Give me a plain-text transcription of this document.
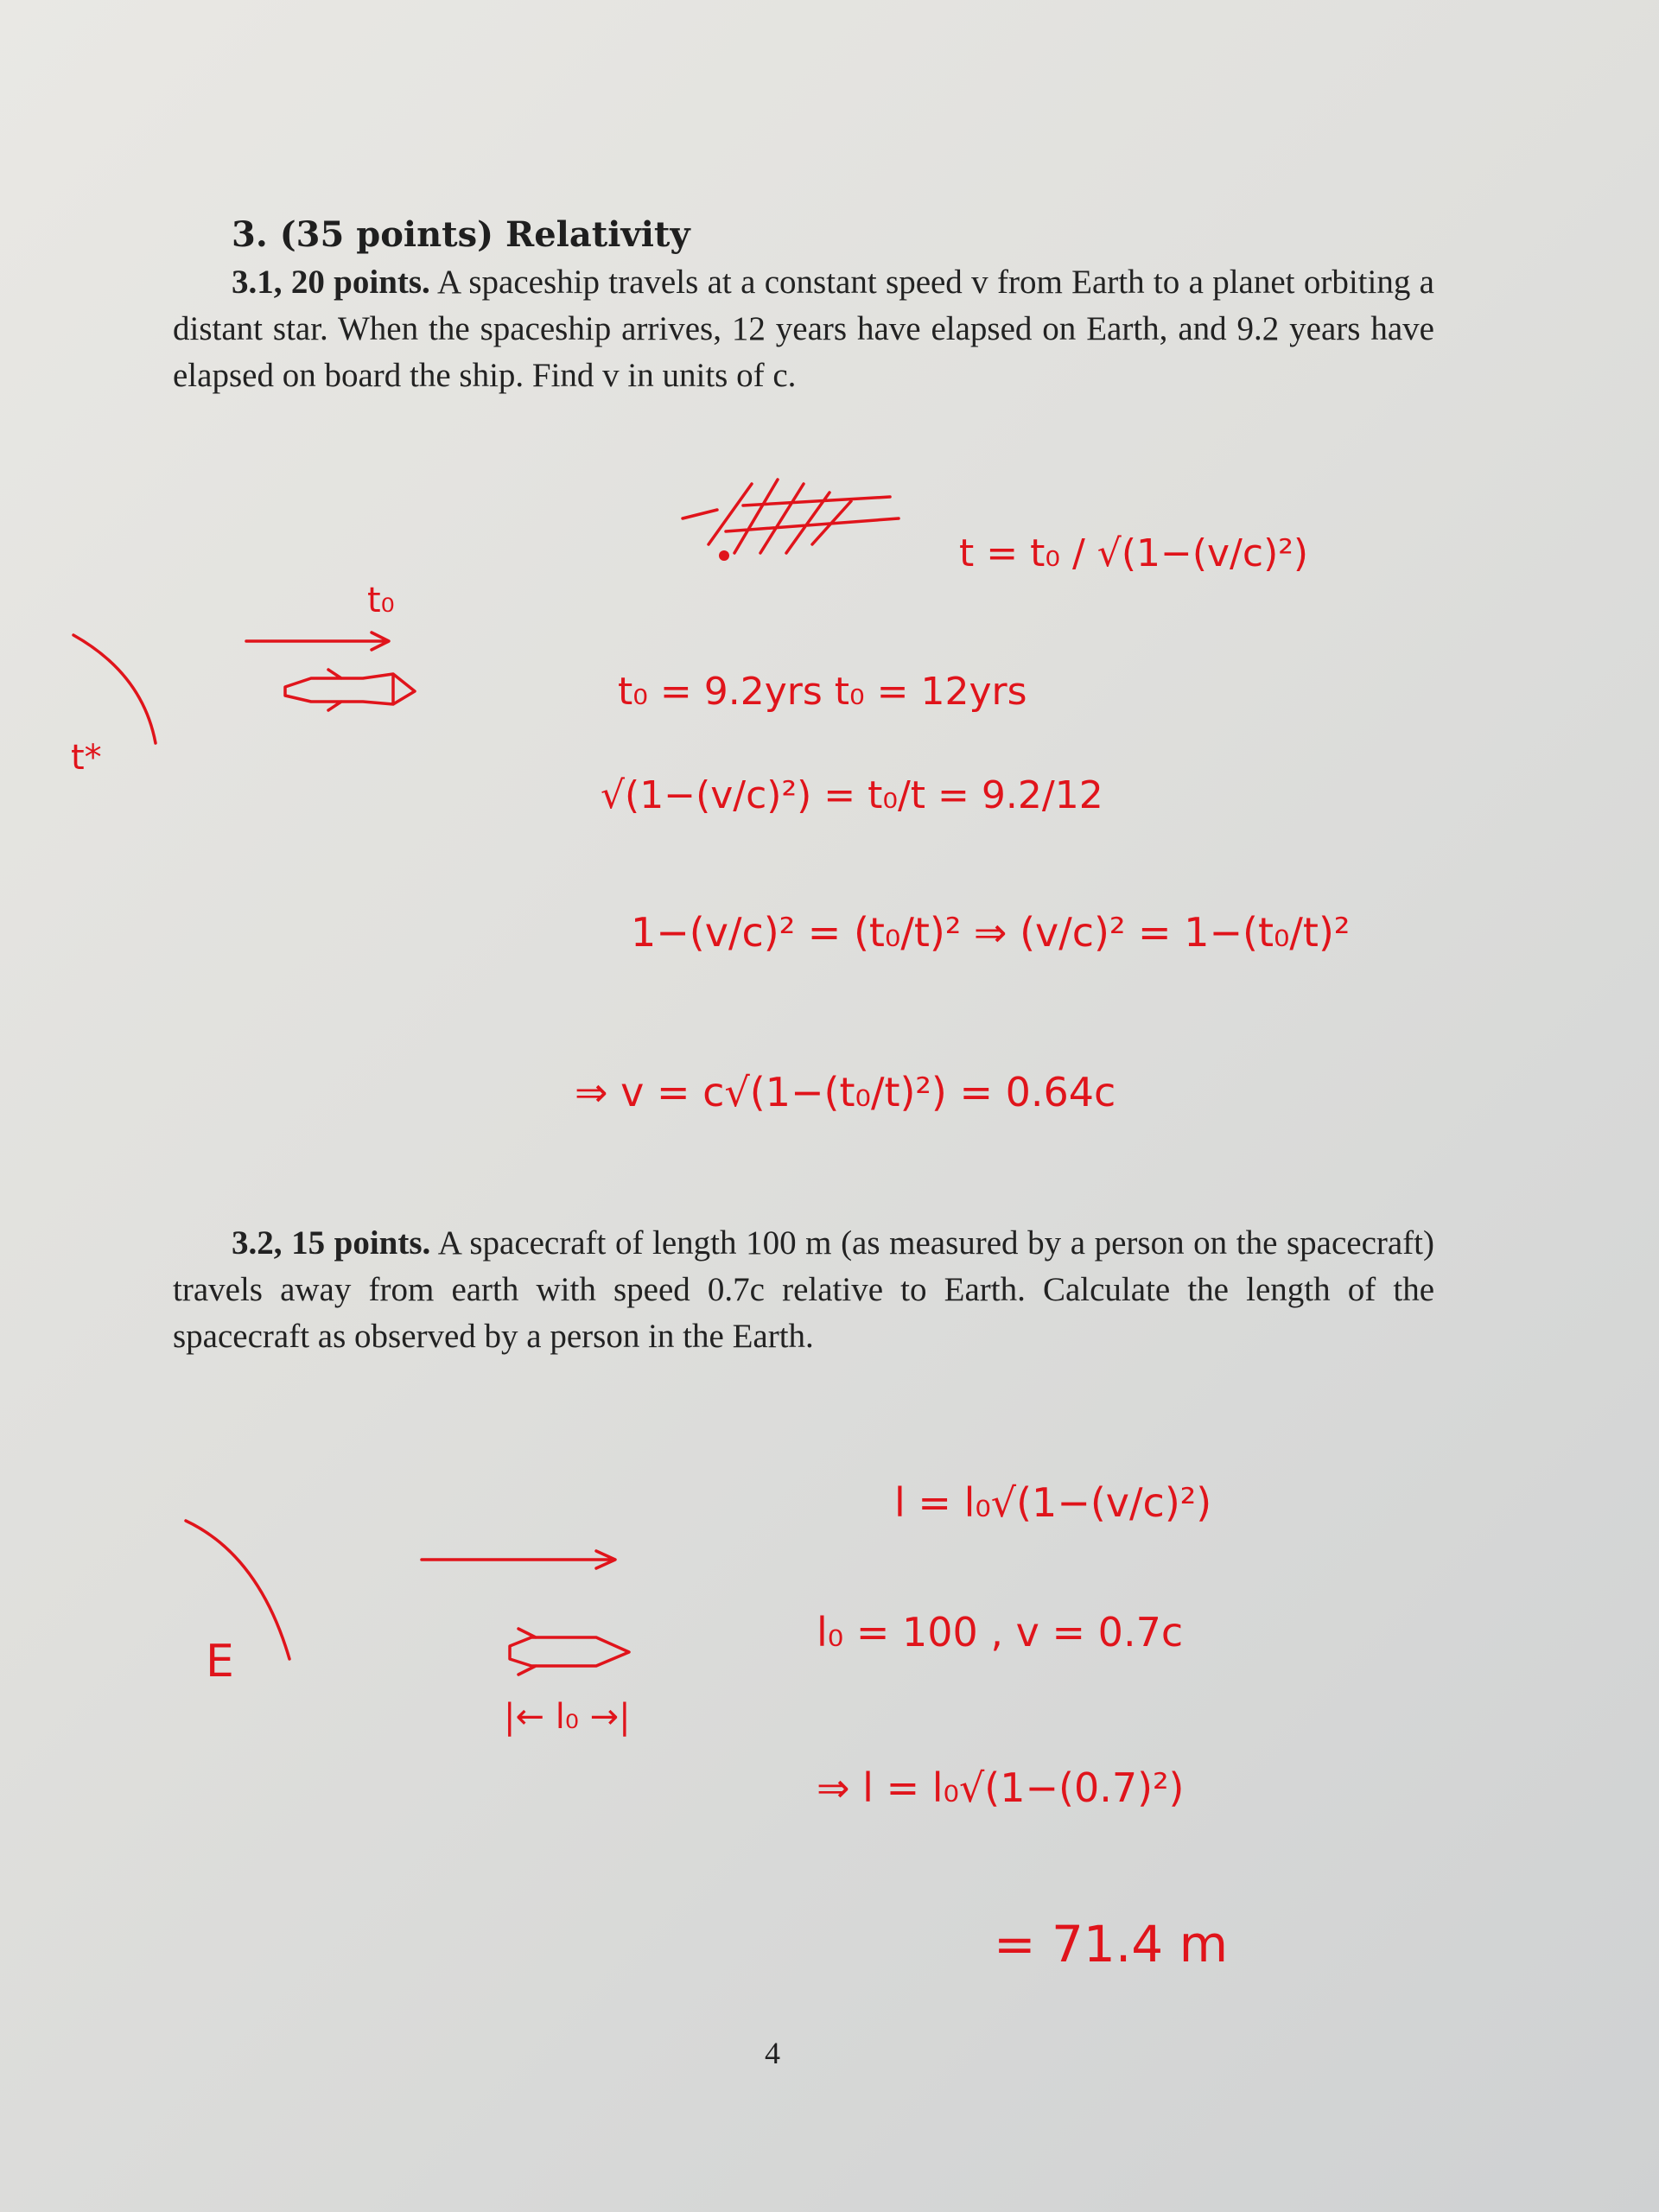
3. (35 points) Relativity

3.1, 20 points. A spaceship travels at a constant speed v from Earth to a planet orbiting a distant star. When the spaceship arrives, 12 years have elapsed on Earth, and 9.2 years have elapsed on board the ship. Find v in units of c.

3.2, 15 points. A spacecraft of length 100 m (as measured by a person on the spacecraft) travels away from earth with speed 0.7c relative to Earth. Calculate the length of the spacecraft as observed by a person in the Earth.

4
t*
t₀
t = t₀ / √(1−(v/c)²)
t₀ = 9.2yrs t₀ = 12yrs
√(1−(v/c)²) = t₀/t = 9.2/12
1−(v/c)² = (t₀/t)² ⇒ (v/c)² = 1−(t₀/t)²
⇒ v = c√(1−(t₀/t)²) = 0.64c
E
|← l₀ →|
l = l₀√(1−(v/c)²)
l₀ = 100 , v = 0.7c
⇒ l = l₀√(1−(0.7)²)
= 71.4 m
